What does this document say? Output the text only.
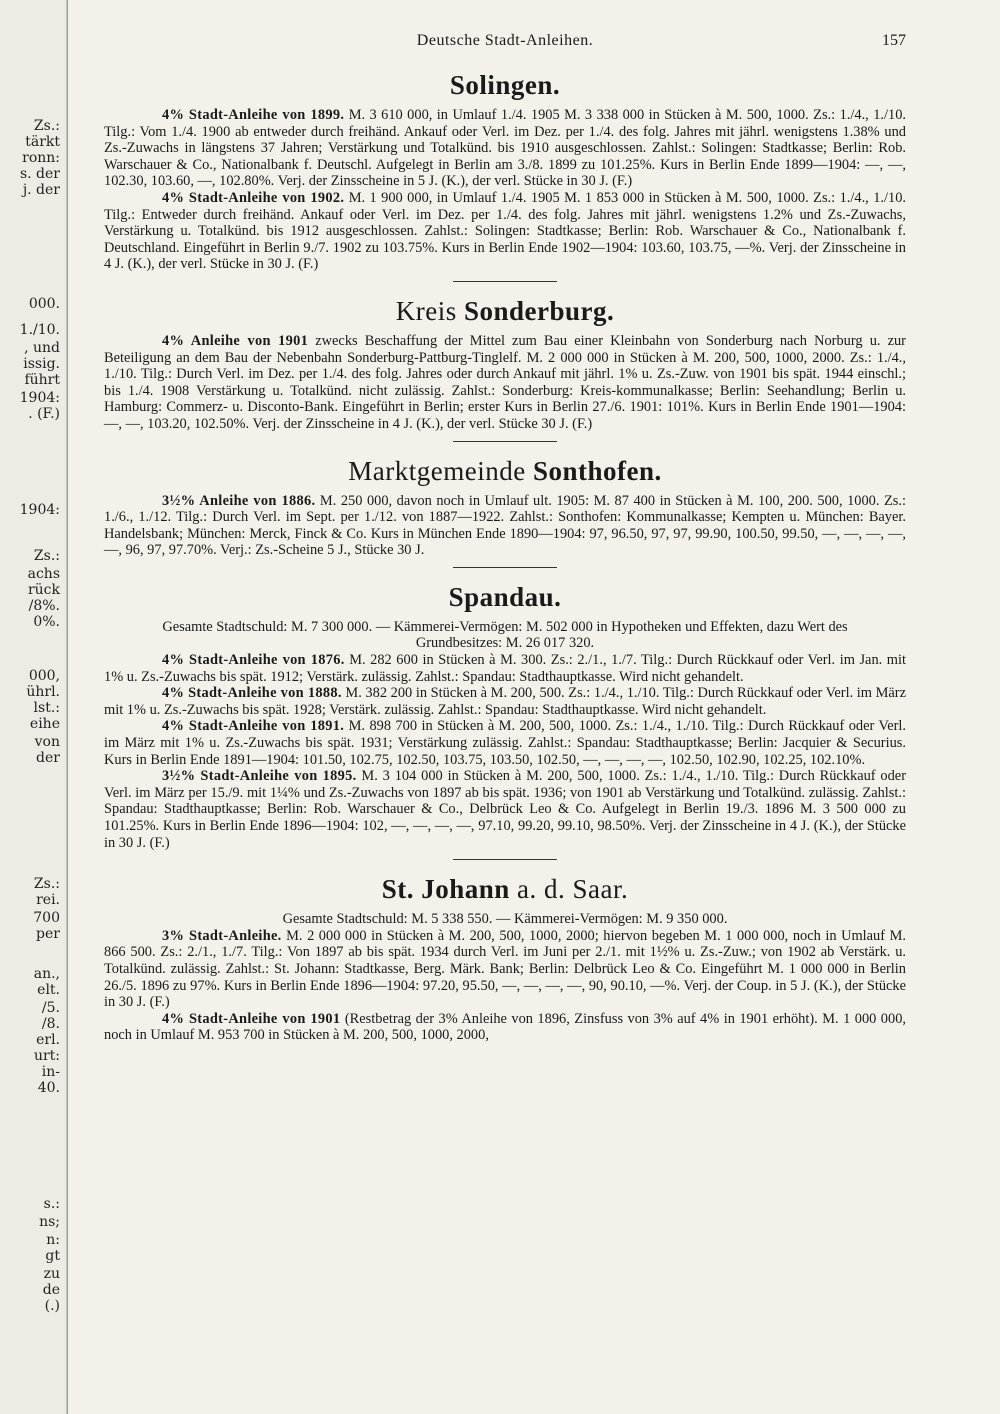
Zs.:
tärkt
ronn:
s. der
j. der
000.
1./10.
, und
issig.
führt
1904:
. (F.)
1904:
Zs.:
achs
rück
/8%.
0%.
000,
ührl.
lst.:
eihe
von
der
Zs.:
rei.
700
per
an.,
elt.
/5.
/8.
erl.
urt:
in-
40.
s.:
ns;
n:
gt
zu
de
(.)
Deutsche Stadt-Anleihen.	157
Solingen.

4% Stadt-Anleihe von 1899. M. 3 610 000, in Umlauf 1./4. 1905 M. 3 338 000 in Stücken à M. 500, 1000. Zs.: 1./4., 1./10. Tilg.: Vom 1./4. 1900 ab entweder durch freihänd. Ankauf oder Verl. im Dez. per 1./4. des folg. Jahres mit jährl. wenigstens 1.38% und Zs.-Zuwachs in längstens 37 Jahren; Verstärkung und Totalkünd. bis 1910 ausgeschlossen. Zahlst.: Solingen: Stadtkasse; Berlin: Rob. Warschauer & Co., Nationalbank f. Deutschl. Aufgelegt in Berlin am 3./8. 1899 zu 101.25%. Kurs in Berlin Ende 1899—1904: —, —, 102.30, 103.60, —, 102.80%. Verj. der Zinsscheine in 5 J. (K.), der verl. Stücke in 30 J. (F.)

4% Stadt-Anleihe von 1902. M. 1 900 000, in Umlauf 1./4. 1905 M. 1 853 000 in Stücken à M. 500, 1000. Zs.: 1./4., 1./10. Tilg.: Entweder durch freihänd. Ankauf oder Verl. im Dez. per 1./4. des folg. Jahres mit jährl. wenigstens 1.2% und Zs.-Zuwachs, Verstärkung u. Totalkünd. bis 1912 ausgeschlossen. Zahlst.: Solingen: Stadtkasse; Berlin: Rob. Warschauer & Co., Nationalbank f. Deutschland. Eingeführt in Berlin 9./7. 1902 zu 103.75%. Kurs in Berlin Ende 1902—1904: 103.60, 103.75, —%. Verj. der Zinsscheine in 4 J. (K.), der verl. Stücke in 30 J. (F.)

Kreis Sonderburg.

4% Anleihe von 1901 zwecks Beschaffung der Mittel zum Bau einer Kleinbahn von Sonderburg nach Norburg u. zur Beteiligung an dem Bau der Nebenbahn Sonderburg-Pattburg-Tinglelf. M. 2 000 000 in Stücken à M. 200, 500, 1000, 2000. Zs.: 1./4., 1./10. Tilg.: Durch Verl. im Dez. per 1./4. des folg. Jahres oder durch Ankauf mit jährl. 1% u. Zs.-Zuw. von 1901 bis spät. 1944 einschl.; bis 1./4. 1908 Verstärkung u. Totalkünd. nicht zulässig. Zahlst.: Sonderburg: Kreis-kommunalkasse; Berlin: Seehandlung; Berlin u. Hamburg: Commerz- u. Disconto-Bank. Eingeführt in Berlin; erster Kurs in Berlin 27./6. 1901: 101%. Kurs in Berlin Ende 1901—1904: —, —, 103.20, 102.50%. Verj. der Zinsscheine in 4 J. (K.), der verl. Stücke 30 J. (F.)

Marktgemeinde Sonthofen.

3½% Anleihe von 1886. M. 250 000, davon noch in Umlauf ult. 1905: M. 87 400 in Stücken à M. 100, 200. 500, 1000. Zs.: 1./6., 1./12. Tilg.: Durch Verl. im Sept. per 1./12. von 1887—1922. Zahlst.: Sonthofen: Kommunalkasse; Kempten u. München: Bayer. Handelsbank; München: Merck, Finck & Co. Kurs in München Ende 1890—1904: 97, 96.50, 97, 97, 99.90, 100.50, 99.50, —, —, —, —, —, 96, 97, 97.70%. Verj.: Zs.-Scheine 5 J., Stücke 30 J.

Spandau.

Gesamte Stadtschuld: M. 7 300 000. — Kämmerei-Vermögen: M. 502 000 in Hypotheken und Effekten, dazu Wert des Grundbesitzes: M. 26 017 320.

4% Stadt-Anleihe von 1876. M. 282 600 in Stücken à M. 300. Zs.: 2./1., 1./7. Tilg.: Durch Rückkauf oder Verl. im Jan. mit 1% u. Zs.-Zuwachs bis spät. 1912; Verstärk. zulässig. Zahlst.: Spandau: Stadthauptkasse. Wird nicht gehandelt.

4% Stadt-Anleihe von 1888. M. 382 200 in Stücken à M. 200, 500. Zs.: 1./4., 1./10. Tilg.: Durch Rückkauf oder Verl. im März mit 1% u. Zs.-Zuwachs bis spät. 1928; Verstärk. zulässig. Zahlst.: Spandau: Stadthauptkasse. Wird nicht gehandelt.

4% Stadt-Anleihe von 1891. M. 898 700 in Stücken à M. 200, 500, 1000. Zs.: 1./4., 1./10. Tilg.: Durch Rückkauf oder Verl. im März mit 1% u. Zs.-Zuwachs bis spät. 1931; Verstärkung zulässig. Zahlst.: Spandau: Stadthauptkasse; Berlin: Jacquier & Securius. Kurs in Berlin Ende 1891—1904: 101.50, 102.75, 102.50, 103.75, 103.50, 102.50, —, —, —, —, 102.50, 102.90, 102.25, 102.10%.

3½% Stadt-Anleihe von 1895. M. 3 104 000 in Stücken à M. 200, 500, 1000. Zs.: 1./4., 1./10. Tilg.: Durch Rückkauf oder Verl. im März per 15./9. mit 1¼% und Zs.-Zuwachs von 1897 ab bis spät. 1936; von 1901 ab Verstärkung und Totalkünd. zulässig. Zahlst.: Spandau: Stadthauptkasse; Berlin: Rob. Warschauer & Co., Delbrück Leo & Co. Aufgelegt in Berlin 19./3. 1896 M. 3 500 000 zu 101.25%. Kurs in Berlin Ende 1896—1904: 102, —, —, —, —, 97.10, 99.20, 99.10, 98.50%. Verj. der Zinsscheine in 4 J. (K.), der Stücke in 30 J. (F.)

St. Johann a. d. Saar.

Gesamte Stadtschuld: M. 5 338 550. — Kämmerei-Vermögen: M. 9 350 000.

3% Stadt-Anleihe. M. 2 000 000 in Stücken à M. 200, 500, 1000, 2000; hiervon begeben M. 1 000 000, noch in Umlauf M. 866 500. Zs.: 2./1., 1./7. Tilg.: Von 1897 ab bis spät. 1934 durch Verl. im Juni per 2./1. mit 1½% u. Zs.-Zuw.; von 1902 ab Verstärk. u. Totalkünd. zulässig. Zahlst.: St. Johann: Stadtkasse, Berg. Märk. Bank; Berlin: Delbrück Leo & Co. Eingeführt M. 1 000 000 in Berlin 26./5. 1896 zu 97%. Kurs in Berlin Ende 1896—1904: 97.20, 95.50, —, —, —, —, 90, 90.10, —%. Verj. der Coup. in 5 J. (K.), der Stücke in 30 J. (F.)

4% Stadt-Anleihe von 1901 (Restbetrag der 3% Anleihe von 1896, Zinsfuss von 3% auf 4% in 1901 erhöht). M. 1 000 000, noch in Umlauf M. 953 700 in Stücken à M. 200, 500, 1000, 2000,
